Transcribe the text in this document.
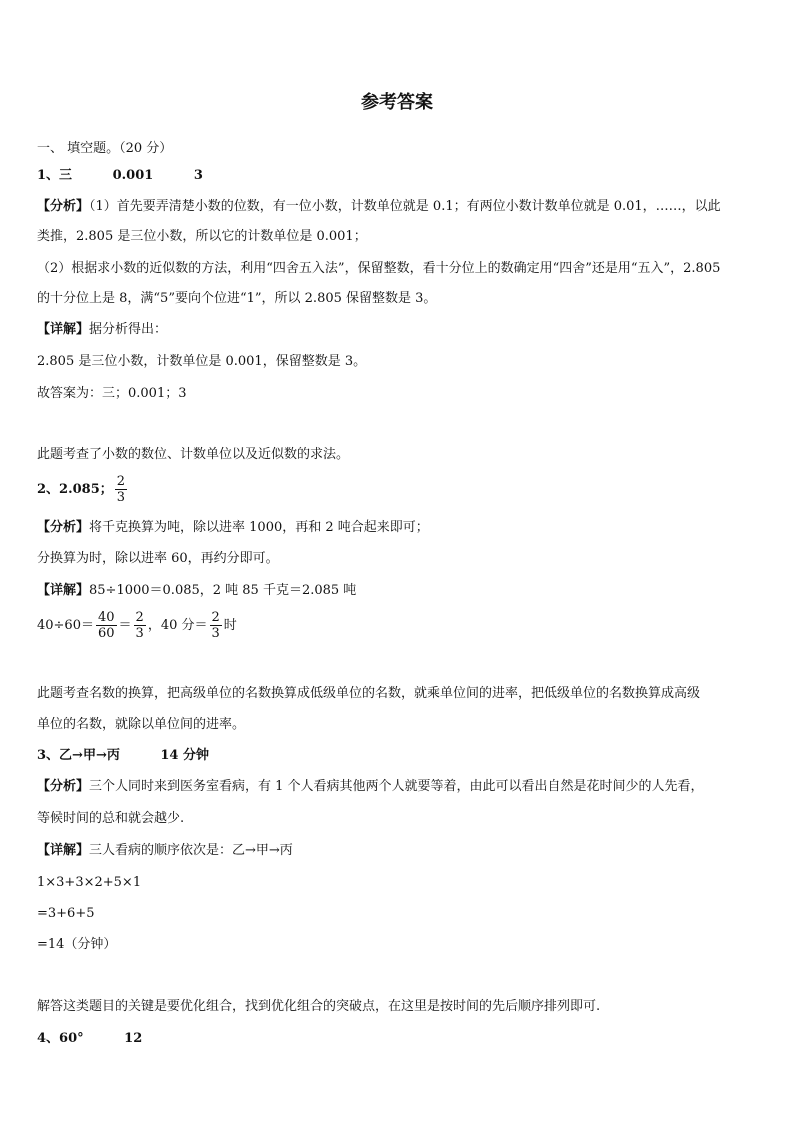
参考答案
一、 填空题。（20 分）
1、三	0.001	3
【分析】（1）首先要弄清楚小数的位数，有一位小数，计数单位就是 0.1；有两位小数计数单位就是 0.01，……，以此
类推，2.805 是三位小数，所以它的计数单位是 0.001；
（2）根据求小数的近似数的方法，利用“四舍五入法”，保留整数，看十分位上的数确定用“四舍”还是用“五入”，2.805
的十分位上是 8，满“5”要向个位进“1”，所以 2.805 保留整数是 3。
【详解】据分析得出：
2.805 是三位小数，计数单位是 0.001，保留整数是 3。
故答案为：三；0.001；3
此题考查了小数的数位、计数单位以及近似数的求法。
2、2.085； $\frac{2}{3}$
【分析】将千克换算为吨，除以进率 1000，再和 2 吨合起来即可；
分换算为时，除以进率 60，再约分即可。
【详解】85÷1000＝0.085，2 吨 85 千克＝2.085 吨
$40\div 60= \frac{40}{60} = \frac{2}{3}$ ，40 分＝ $\frac{2}{3}$ 时
此题考查名数的换算，把高级单位的名数换算成低级单位的名数，就乘单位间的进率，把低级单位的名数换算成高级
单位的名数，就除以单位间的进率。
3、乙→甲→丙	14 分钟
【分析】三个人同时来到医务室看病，有 1 个人看病其他两个人就要等着，由此可以看出自然是花时间少的人先看，
等候时间的总和就会越少.
【详解】三人看病的顺序依次是：乙→甲→丙
1×3+3×2+5×1
=3+6+5
=14（分钟）
解答这类题目的关键是要优化组合，找到优化组合的突破点，在这里是按时间的先后顺序排列即可.
4、60°	12
